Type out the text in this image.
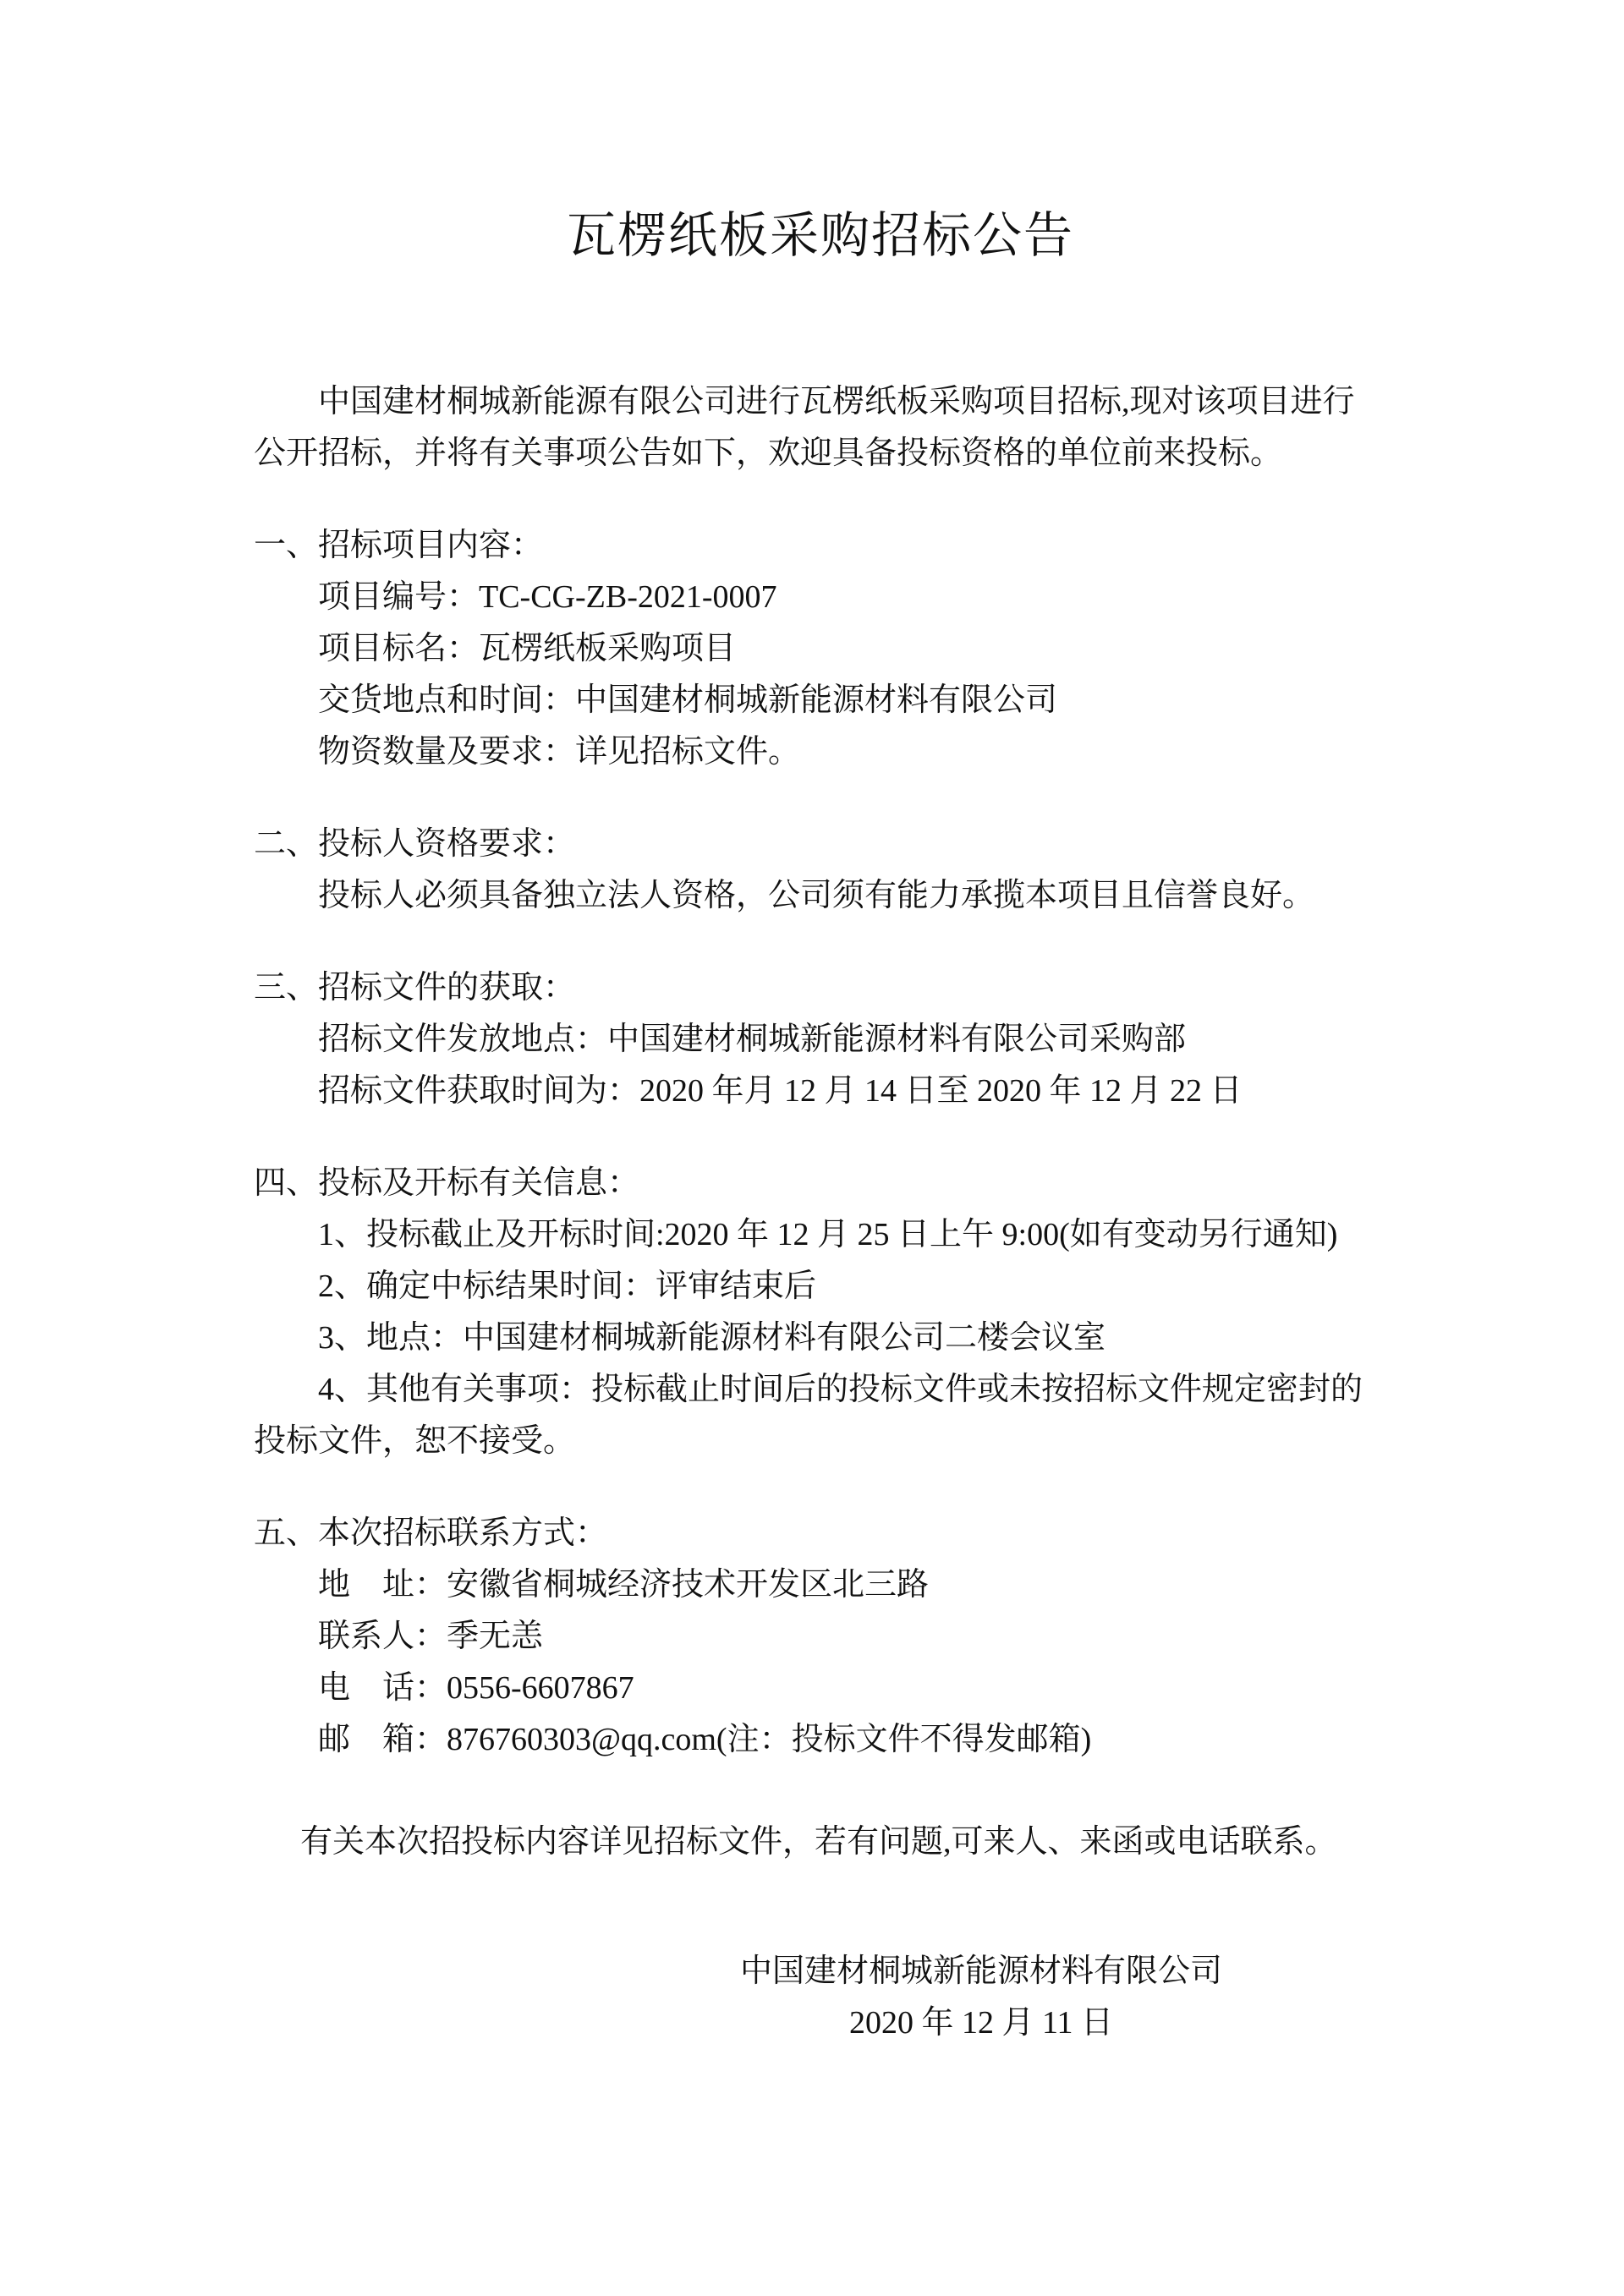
瓦楞纸板采购招标公告
中国建材桐城新能源有限公司进行瓦楞纸板采购项目招标,现对该项目进行
公开招标，并将有关事项公告如下，欢迎具备投标资格的单位前来投标。
一、招标项目内容：
项目编号：TC-CG-ZB-2021-0007
项目标名：瓦楞纸板采购项目
交货地点和时间：中国建材桐城新能源材料有限公司
物资数量及要求：详见招标文件。
二、投标人资格要求：
投标人必须具备独立法人资格，公司须有能力承揽本项目且信誉良好。
三、招标文件的获取：
招标文件发放地点：中国建材桐城新能源材料有限公司采购部
招标文件获取时间为：2020 年月 12 月 14 日至 2020 年 12 月 22 日
四、投标及开标有关信息：
1、投标截止及开标时间:2020 年 12 月 25 日上午 9:00(如有变动另行通知)
2、确定中标结果时间：评审结束后
3、地点：中国建材桐城新能源材料有限公司二楼会议室
4、其他有关事项：投标截止时间后的投标文件或未按招标文件规定密封的
投标文件，恕不接受。
五、本次招标联系方式：
地　址：安徽省桐城经济技术开发区北三路
联系人：季无恙
电　话：0556-6607867
邮　箱：876760303@qq.com(注：投标文件不得发邮箱)
有关本次招投标内容详见招标文件，若有问题,可来人、来函或电话联系。
中国建材桐城新能源材料有限公司
2020 年 12 月 11 日
